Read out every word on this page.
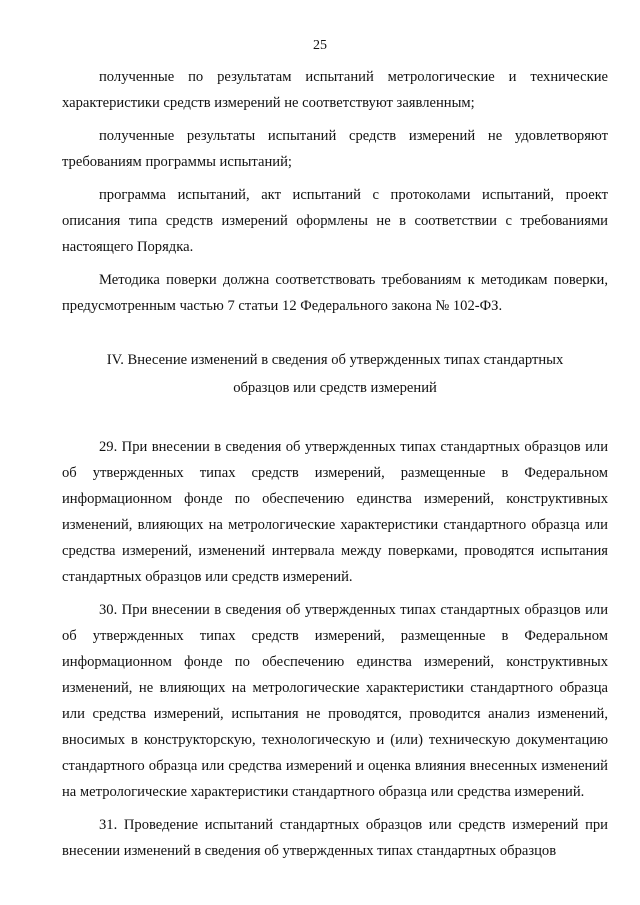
25

полученные по результатам испытаний метрологические и технические характеристики средств измерений не соответствуют заявленным;

полученные результаты испытаний средств измерений не удовлетворяют требованиям программы испытаний;

программа испытаний, акт испытаний с протоколами испытаний, проект описания типа средств измерений оформлены не в соответствии с требованиями настоящего Порядка.

Методика поверки должна соответствовать требованиям к методикам поверки, предусмотренным частью 7 статьи 12 Федерального закона № 102-ФЗ.

IV. Внесение изменений в сведения об утвержденных типах стандартных образцов или средств измерений

29. При внесении в сведения об утвержденных типах стандартных образцов или об утвержденных типах средств измерений, размещенные в Федеральном информационном фонде по обеспечению единства измерений, конструктивных изменений, влияющих на метрологические характеристики стандартного образца или средства измерений, изменений интервала между поверками, проводятся испытания стандартных образцов или средств измерений.

30. При внесении в сведения об утвержденных типах стандартных образцов или об утвержденных типах средств измерений, размещенные в Федеральном информационном фонде по обеспечению единства измерений, конструктивных изменений, не влияющих на метрологические характеристики стандартного образца или средства измерений, испытания не проводятся, проводится анализ изменений, вносимых в конструкторскую, технологическую и (или) техническую документацию стандартного образца или средства измерений и оценка влияния внесенных изменений на метрологические характеристики стандартного образца или средства измерений.

31. Проведение испытаний стандартных образцов или средств измерений при внесении изменений в сведения об утвержденных типах стандартных образцов
